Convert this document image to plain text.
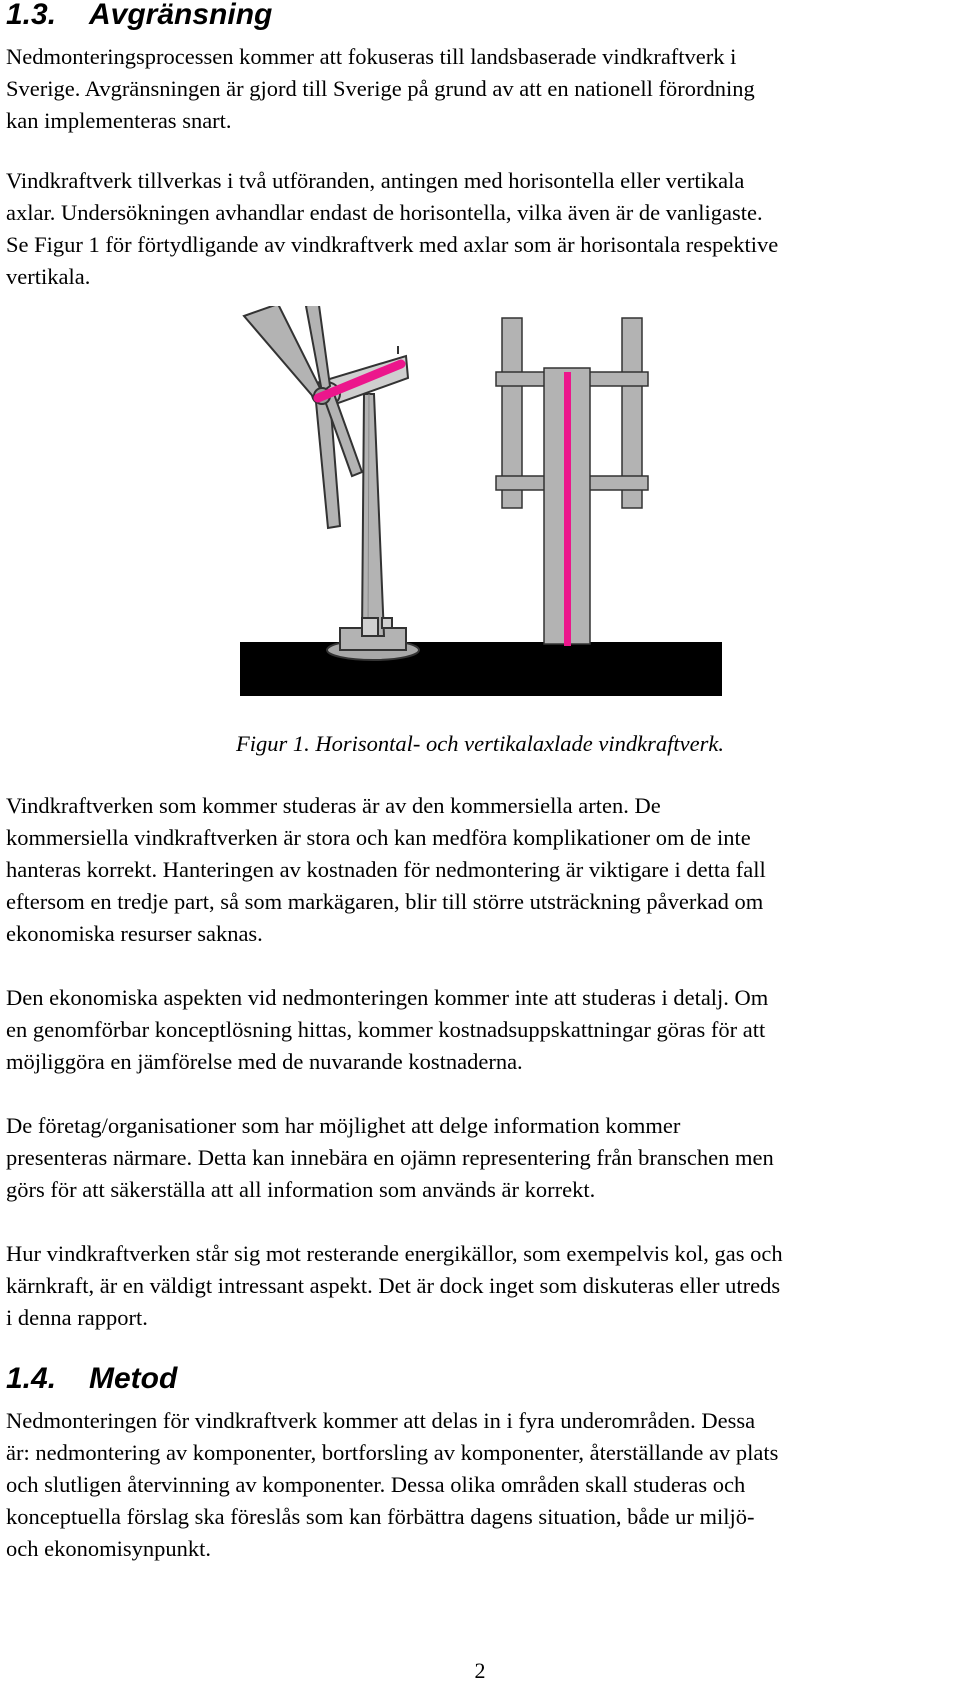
1.3. Avgränsning

Nedmonteringsprocessen kommer att fokuseras till landsbaserade vindkraftverk i
Sverige. Avgränsningen är gjord till Sverige på grund av att en nationell förordning
kan implementeras snart.

Vindkraftverk tillverkas i två utföranden, antingen med horisontella eller vertikala
axlar. Undersökningen avhandlar endast de horisontella, vilka även är de vanligaste.
Se Figur 1 för förtydligande av vindkraftverk med axlar som är horisontala respektive
vertikala.

Figur 1. Horisontal- och vertikalaxlade vindkraftverk.

Vindkraftverken som kommer studeras är av den kommersiella arten. De
kommersiella vindkraftverken är stora och kan medföra komplikationer om de inte
hanteras korrekt. Hanteringen av kostnaden för nedmontering är viktigare i detta fall
eftersom en tredje part, så som markägaren, blir till större utsträckning påverkad om
ekonomiska resurser saknas.

Den ekonomiska aspekten vid nedmonteringen kommer inte att studeras i detalj. Om
en genomförbar konceptlösning hittas, kommer kostnadsuppskattningar göras för att
möjliggöra en jämförelse med de nuvarande kostnaderna.

De företag/organisationer som har möjlighet att delge information kommer
presenteras närmare. Detta kan innebära en ojämn representering från branschen men
görs för att säkerställa att all information som används är korrekt.

Hur vindkraftverken står sig mot resterande energikällor, som exempelvis kol, gas och
kärnkraft, är en väldigt intressant aspekt. Det är dock inget som diskuteras eller utreds
i denna rapport.

1.4. Metod

Nedmonteringen för vindkraftverk kommer att delas in i fyra underområden. Dessa
är: nedmontering av komponenter, bortforsling av komponenter, återställande av plats
och slutligen återvinning av komponenter. Dessa olika områden skall studeras och
konceptuella förslag ska föreslås som kan förbättra dagens situation, både ur miljö-
och ekonomisynpunkt.

2
